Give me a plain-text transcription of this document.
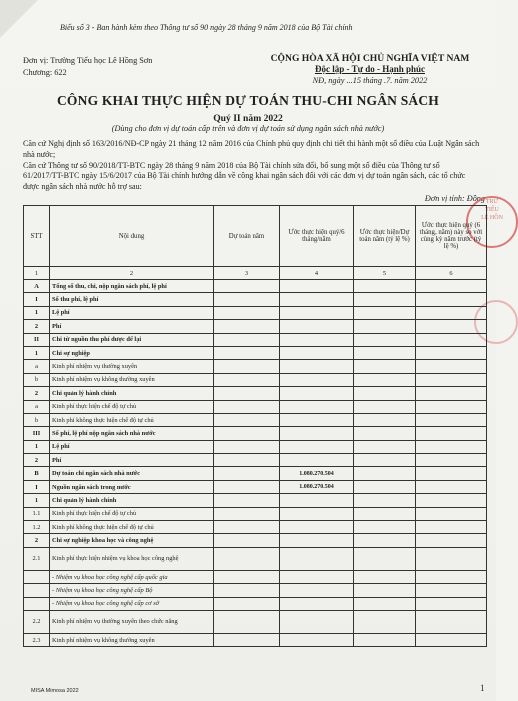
Biểu số 3 - Ban hành kèm theo Thông tư số 90 ngày 28 tháng 9 năm 2018 của Bộ Tài chính
Đơn vị: Trường Tiểu học Lê Hồng Sơn
Chương: 622
CỘNG HÒA XÃ HỘI CHỦ NGHĨA VIỆT NAM
Độc lập - Tự do - Hạnh phúc
NĐ, ngày ...15 tháng .7. năm 2022
CÔNG KHAI THỰC HIỆN DỰ TOÁN THU-CHI NGÂN SÁCH
Quý II năm 2022
(Dùng cho đơn vị dự toán cấp trên và đơn vị dự toán sử dụng ngân sách nhà nước)
Căn cứ Nghị định số 163/2016/NĐ-CP ngày 21 tháng 12 năm 2016 của Chính phủ quy định chi tiết thi hành một số điều của Luật Ngân sách nhà nước;
Căn cứ Thông tư số 90/2018/TT-BTC ngày 28 tháng 9 năm 2018 của Bộ Tài chính sửa đổi, bổ sung một số điều của Thông tư số 61/2017/TT-BTC ngày 15/6/2017 của Bộ Tài chính hướng dẫn về công khai ngân sách đối với các đơn vị dự toán ngân sách, các tổ chức được ngân sách nhà nước hỗ trợ sau:
Đơn vị tính: Đồng TRƯ
TIỂU
LÊ HỒN
STT	Nội dung	Dự toán năm	Ước thực hiện quý/6 tháng/năm	Ước thực hiện/Dự toán năm (tỷ lệ %)	Ước thực hiện quý (6 tháng, năm) này so với cùng kỳ năm trước (tỷ lệ %)
1	2	3	4	5	6
A	Tổng số thu, chi, nộp ngân sách phí, lệ phí				
I	Số thu phí, lệ phí				
1	Lệ phí				
2	Phí				
II	Chi từ nguồn thu phí được để lại				
1	Chi sự nghiệp				
a	Kinh phí nhiệm vụ thường xuyên				
b	Kinh phí nhiệm vụ không thường xuyên				
2	Chi quản lý hành chính				
a	Kinh phí thực hiện chế độ tự chủ				
b	Kinh phí không thực hiện chế độ tự chủ				
III	Số phí, lệ phí nộp ngân sách nhà nước				
1	Lệ phí				
2	Phí				
B	Dự toán chi ngân sách nhà nước		1.080.270.504		
I	Nguồn ngân sách trong nước		1.080.270.504		
1	Chi quản lý hành chính				
1.1	Kinh phí thực hiện chế độ tự chủ				
1.2	Kinh phí không thực hiện chế độ tự chủ				
2	Chi sự nghiệp khoa học và công nghệ				
2.1	Kinh phí thực hiện nhiệm vụ khoa học công nghệ				
	- Nhiệm vụ khoa học công nghệ cấp quốc gia				
	- Nhiệm vụ khoa học công nghệ cấp Bộ				
	- Nhiệm vụ khoa học công nghệ cấp cơ sở				
2.2	Kinh phí nhiệm vụ thường xuyên theo chức năng				
2.3	Kinh phí nhiệm vụ không thường xuyên				
MISA Mimosa 2022	1
